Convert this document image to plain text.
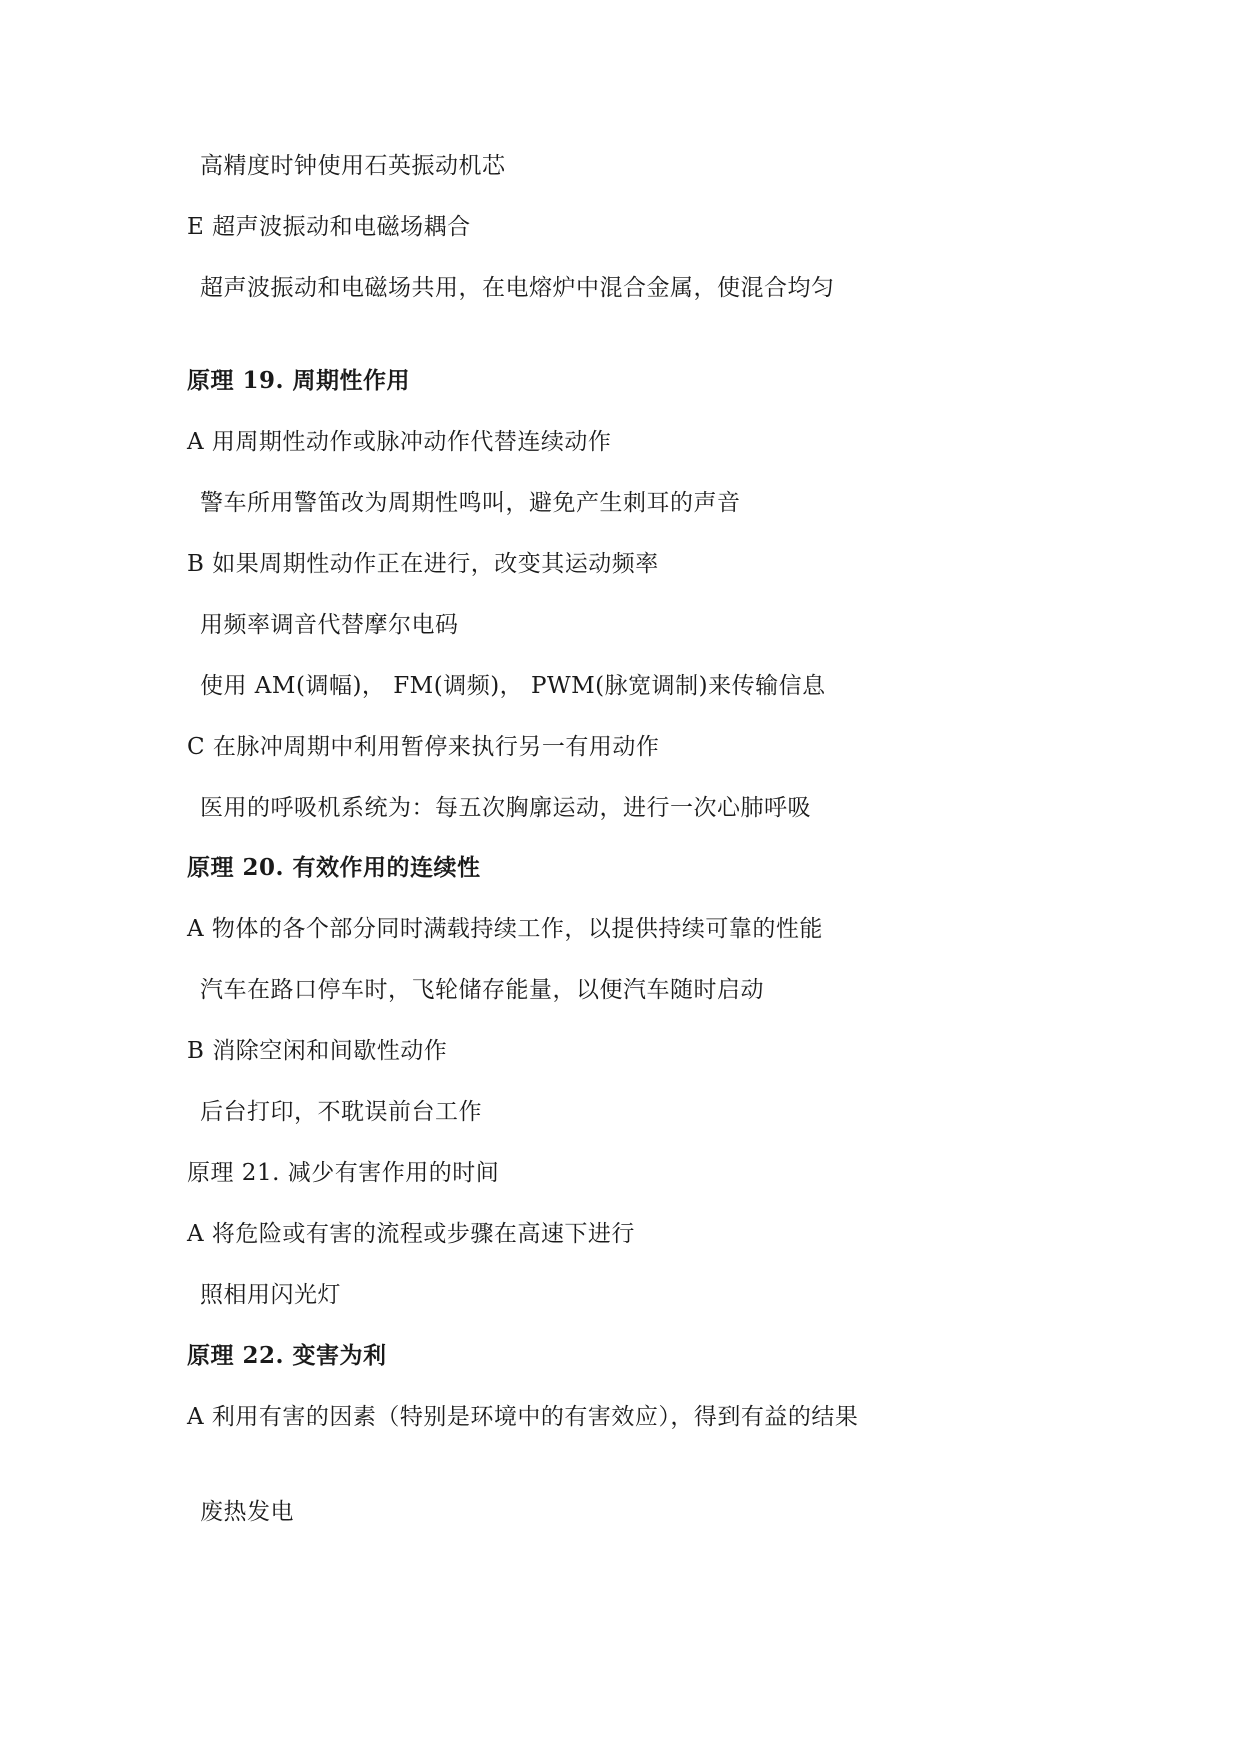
高精度时钟使用石英振动机芯
E 超声波振动和电磁场耦合
超声波振动和电磁场共用，在电熔炉中混合金属，使混合均匀
原理 19. 周期性作用
A 用周期性动作或脉冲动作代替连续动作
警车所用警笛改为周期性鸣叫，避免产生刺耳的声音
B 如果周期性动作正在进行，改变其运动频率
用频率调音代替摩尔电码
使用 AM(调幅)， FM(调频)， PWM(脉宽调制)来传输信息
C 在脉冲周期中利用暂停来执行另一有用动作
医用的呼吸机系统为：每五次胸廓运动，进行一次心肺呼吸
原理 20. 有效作用的连续性
A 物体的各个部分同时满载持续工作，以提供持续可靠的性能
汽车在路口停车时，飞轮储存能量，以便汽车随时启动
B 消除空闲和间歇性动作
后台打印，不耽误前台工作
原理 21. 减少有害作用的时间
A 将危险或有害的流程或步骤在高速下进行
照相用闪光灯
原理 22. 变害为利
A 利用有害的因素（特别是环境中的有害效应），得到有益的结果
废热发电
